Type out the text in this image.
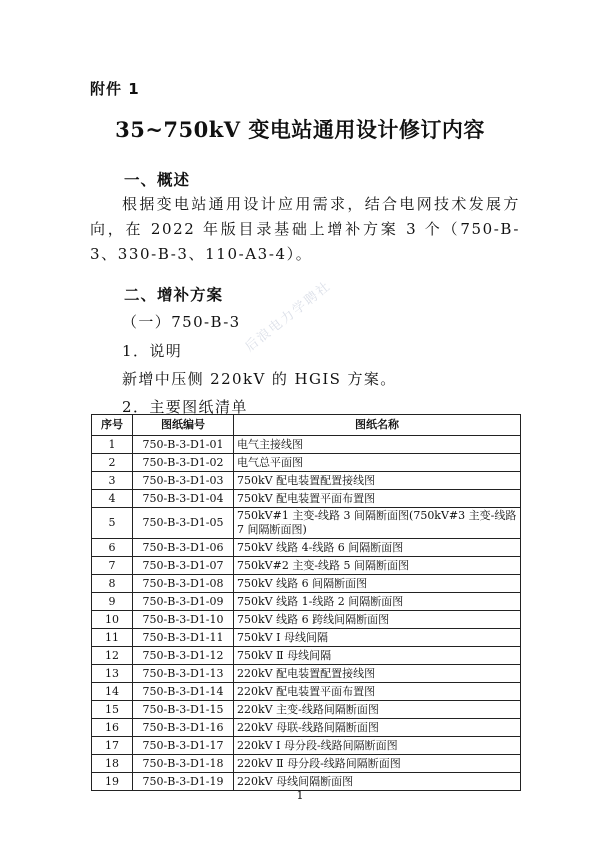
附件 1
35~750kV 变电站通用设计修订内容
一、概述
根据变电站通用设计应用需求，结合电网技术发展方向，在 2022 年版目录基础上增补方案 3 个（750-B-3、330-B-3、110-A3-4）。
二、增补方案
（一）750-B-3
1．说明
新增中压侧 220kV 的 HGIS 方案。
2．主要图纸清单
序号	图纸编号	图纸名称
1	750-B-3-D1-01	电气主接线图
2	750-B-3-D1-02	电气总平面图
3	750-B-3-D1-03	750kV 配电装置配置接线图
4	750-B-3-D1-04	750kV 配电装置平面布置图
5	750-B-3-D1-05	750kV#1 主变-线路 3 间隔断面图(750kV#3 主变-线路 7 间隔断面图)
6	750-B-3-D1-06	750kV 线路 4-线路 6 间隔断面图
7	750-B-3-D1-07	750kV#2 主变-线路 5 间隔断面图
8	750-B-3-D1-08	750kV 线路 6 间隔断面图
9	750-B-3-D1-09	750kV 线路 1-线路 2 间隔断面图
10	750-B-3-D1-10	750kV 线路 6 跨线间隔断面图
11	750-B-3-D1-11	750kV Ⅰ 母线间隔
12	750-B-3-D1-12	750kV Ⅱ 母线间隔
13	750-B-3-D1-13	220kV 配电装置配置接线图
14	750-B-3-D1-14	220kV 配电装置平面布置图
15	750-B-3-D1-15	220kV 主变-线路间隔断面图
16	750-B-3-D1-16	220kV 母联-线路间隔断面图
17	750-B-3-D1-17	220kV Ⅰ 母分段-线路间隔断面图
18	750-B-3-D1-18	220kV Ⅱ 母分段-线路间隔断面图
19	750-B-3-D1-19	220kV 母线间隔断面图
后浪电力学聘社
1
